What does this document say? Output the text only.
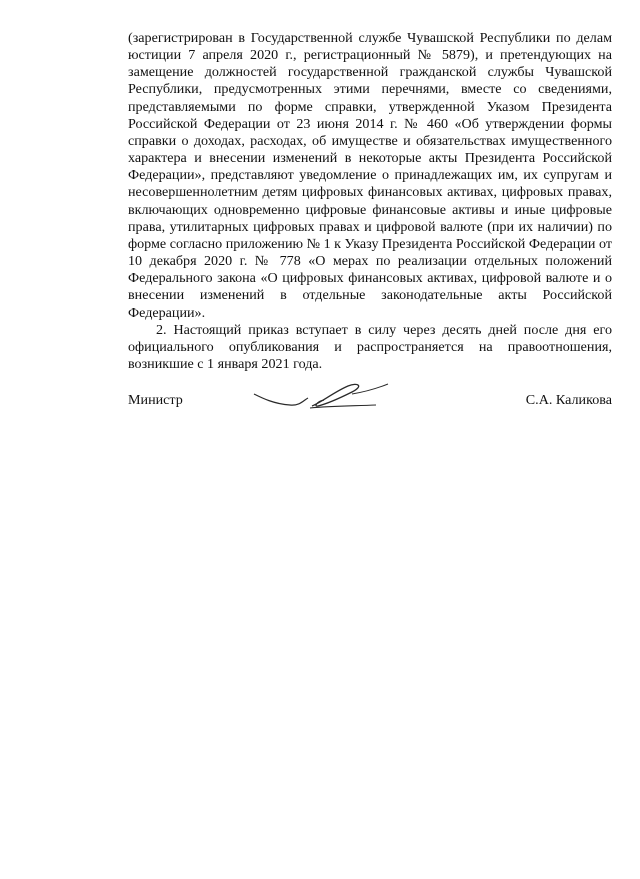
(зарегистрирован в Государственной службе Чувашской Республики по делам юстиции 7 апреля 2020 г., регистрационный № 5879), и претендующих на замещение должностей государственной гражданской службы Чувашской Республики, предусмотренных этими перечнями, вместе со сведениями, представляемыми по форме справки, утвержденной Указом Президента Российской Федерации от 23 июня 2014 г. № 460 «Об утверждении формы справки о доходах, расходах, об имуществе и обязательствах имущественного характера и внесении изменений в некоторые акты Президента Российской Федерации», представляют уведомление о принадлежащих им, их супругам и несовершеннолетним детям цифровых финансовых активах, цифровых правах, включающих одновременно цифровые финансовые активы и иные цифровые права, утилитарных цифровых правах и цифровой валюте (при их наличии) по форме согласно приложению № 1 к Указу Президента Российской Федерации от 10 декабря 2020 г. № 778 «О мерах по реализации отдельных положений Федерального закона «О цифровых финансовых активах, цифровой валюте и о внесении изменений в отдельные законодательные акты Российской Федерации».

2. Настоящий приказ вступает в силу через десять дней после дня его официального опубликования и распространяется на правоотношения, возникшие с 1 января 2021 года.

Министр	С.А. Каликова
